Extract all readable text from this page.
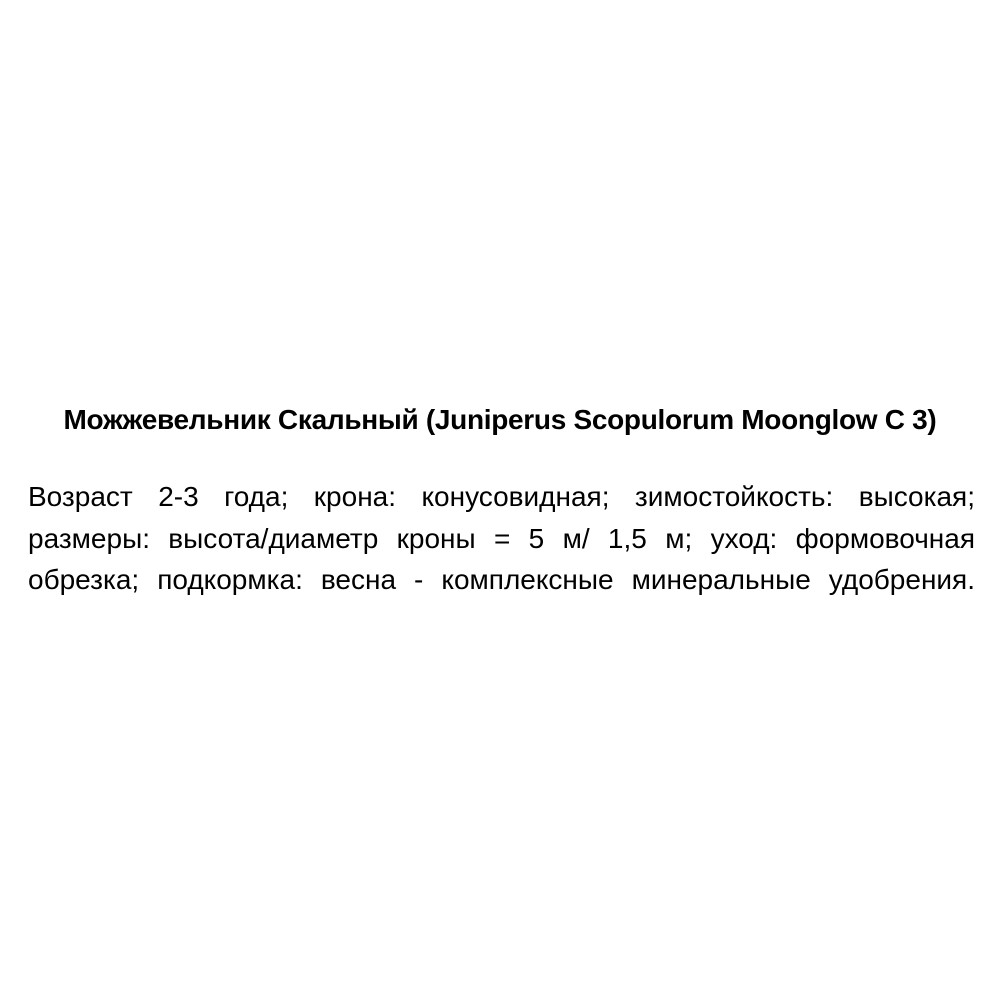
Можжевельник Скальный (Juniperus Scopulorum Moonglow C 3)
Возраст 2-3 года; крона: конусовидная; зимостойкость: высокая;
размеры: высота/диаметр кроны = 5 м/ 1,5 м; уход: формовочная
обрезка; подкормка: весна - комплексные минеральные удобрения.
